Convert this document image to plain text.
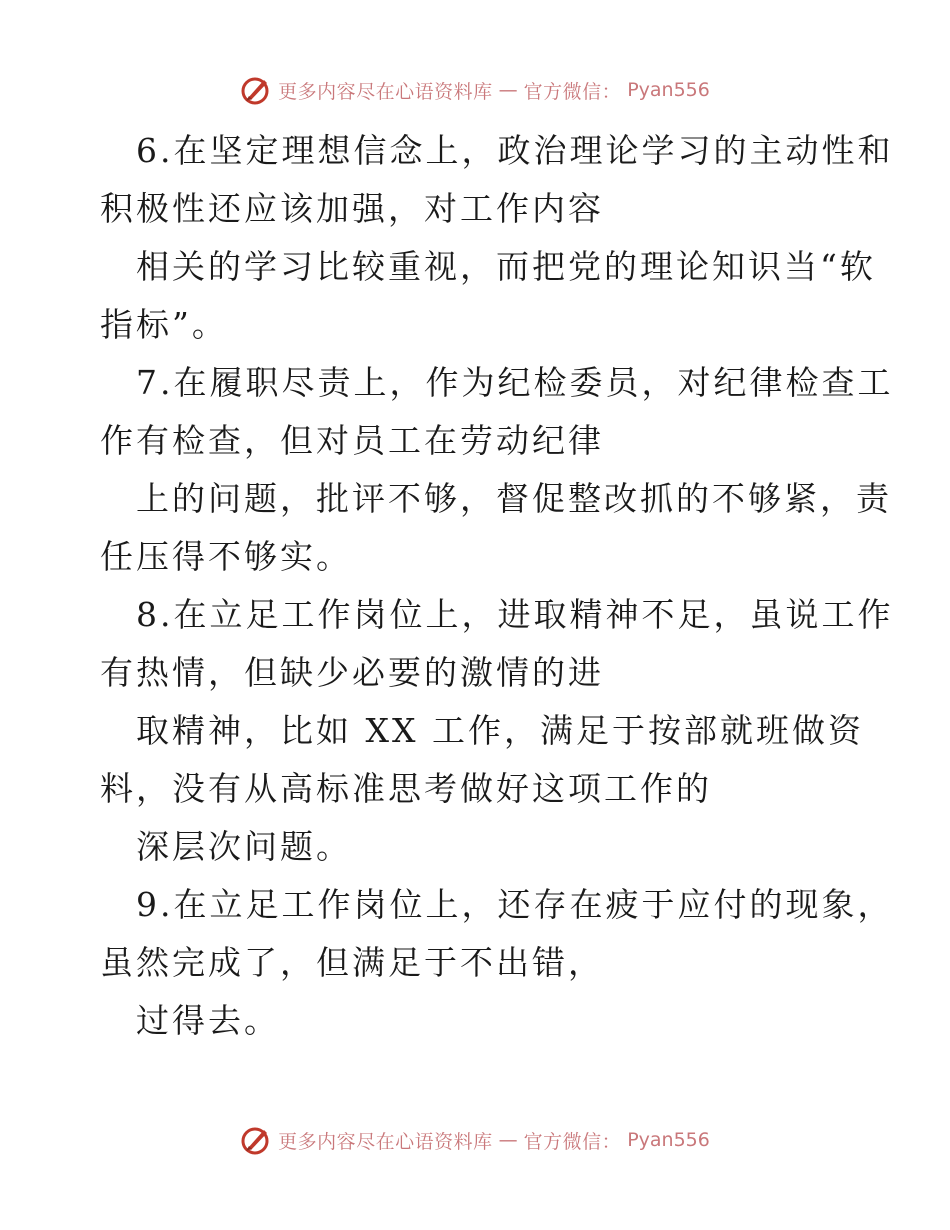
更多内容尽在心语资料库 — 官方微信： Pyan556
6.在坚定理想信念上，政治理论学习的主动性和
积极性还应该加强，对工作内容
相关的学习比较重视，而把党的理论知识当“软
指标”。
7.在履职尽责上，作为纪检委员，对纪律检查工
作有检查，但对员工在劳动纪律
上的问题，批评不够，督促整改抓的不够紧，责
任压得不够实。
8.在立足工作岗位上，进取精神不足，虽说工作
有热情，但缺少必要的激情的进
取精神，比如 XX 工作，满足于按部就班做资
料，没有从高标准思考做好这项工作的
深层次问题。
9.在立足工作岗位上，还存在疲于应付的现象，
虽然完成了，但满足于不出错，
过得去。
更多内容尽在心语资料库 — 官方微信： Pyan556
